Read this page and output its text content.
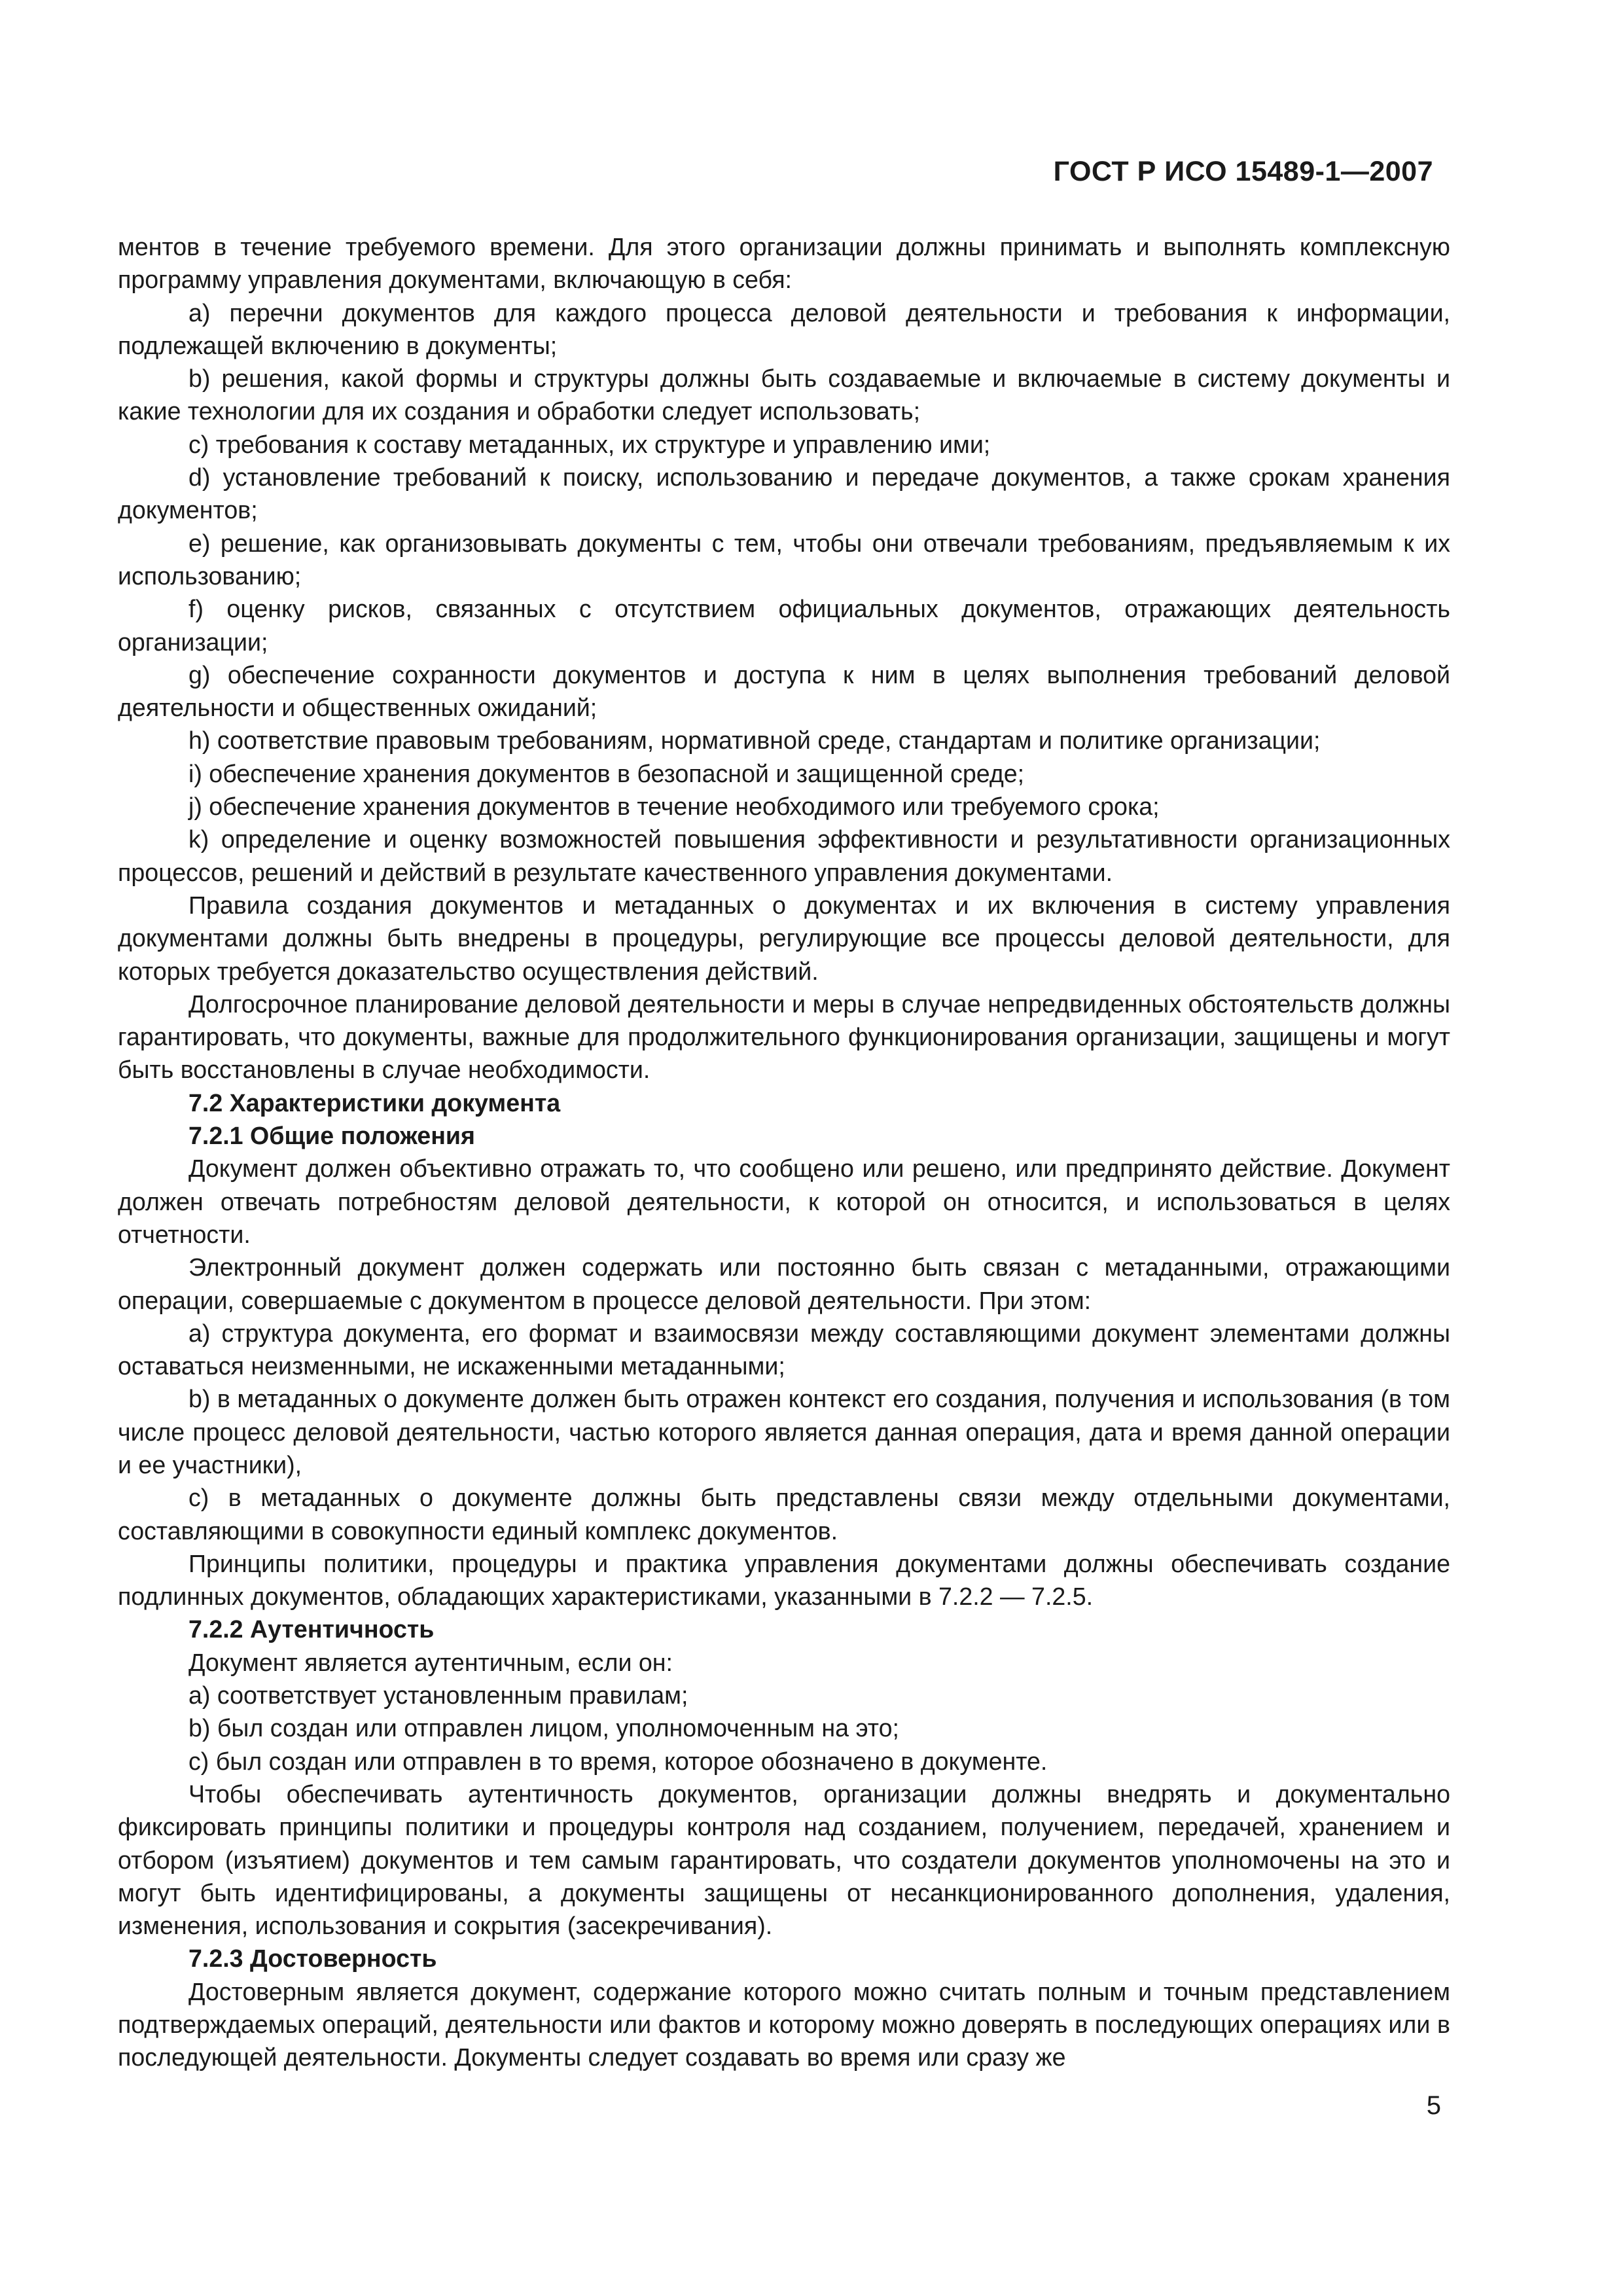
ГОСТ Р ИСО 15489-1—2007

ментов в течение требуемого времени. Для этого организации должны принимать и выполнять комплексную программу управления документами, включающую в себя:

a) перечни документов для каждого процесса деловой деятельности и требования к информации, подлежащей включению в документы;

b) решения, какой формы и структуры должны быть создаваемые и включаемые в систему документы и какие технологии для их создания и обработки следует использовать;

c) требования к составу метаданных, их структуре и управлению ими;

d) установление требований к поиску, использованию и передаче документов, а также срокам хранения документов;

e) решение, как организовывать документы с тем, чтобы они отвечали требованиям, предъявляемым к их использованию;

f) оценку рисков, связанных с отсутствием официальных документов, отражающих деятельность организации;

g) обеспечение сохранности документов и доступа к ним в целях выполнения требований деловой деятельности и общественных ожиданий;

h) соответствие правовым требованиям, нормативной среде, стандартам и политике организации;

i) обеспечение хранения документов в безопасной и защищенной среде;

j) обеспечение хранения документов в течение необходимого или требуемого срока;

k) определение и оценку возможностей повышения эффективности и результативности организационных процессов, решений и действий в результате качественного управления документами.

Правила создания документов и метаданных о документах и их включения в систему управления документами должны быть внедрены в процедуры, регулирующие все процессы деловой деятельности, для которых требуется доказательство осуществления действий.

Долгосрочное планирование деловой деятельности и меры в случае непредвиденных обстоятельств должны гарантировать, что документы, важные для продолжительного функционирования организации, защищены и могут быть восстановлены в случае необходимости.

7.2 Характеристики документа

7.2.1 Общие положения

Документ должен объективно отражать то, что сообщено или решено, или предпринято действие. Документ должен отвечать потребностям деловой деятельности, к которой он относится, и использоваться в целях отчетности.

Электронный документ должен содержать или постоянно быть связан с метаданными, отражающими операции, совершаемые с документом в процессе деловой деятельности. При этом:

a) структура документа, его формат и взаимосвязи между составляющими документ элементами должны оставаться неизменными, не искаженными метаданными;

b) в метаданных о документе должен быть отражен контекст его создания, получения и использования (в том числе процесс деловой деятельности, частью которого является данная операция, дата и время данной операции и ее участники),

c) в метаданных о документе должны быть представлены связи между отдельными документами, составляющими в совокупности единый комплекс документов.

Принципы политики, процедуры и практика управления документами должны обеспечивать создание подлинных документов, обладающих характеристиками, указанными в 7.2.2 — 7.2.5.

7.2.2 Аутентичность

Документ является аутентичным, если он:

a) соответствует установленным правилам;

b) был создан или отправлен лицом, уполномоченным на это;

c) был создан или отправлен в то время, которое обозначено в документе.

Чтобы обеспечивать аутентичность документов, организации должны внедрять и документально фиксировать принципы политики и процедуры контроля над созданием, получением, передачей, хранением и отбором (изъятием) документов и тем самым гарантировать, что создатели документов уполномочены на это и могут быть идентифицированы, а документы защищены от несанкционированного дополнения, удаления, изменения, использования и сокрытия (засекречивания).

7.2.3 Достоверность

Достоверным является документ, содержание которого можно считать полным и точным представлением подтверждаемых операций, деятельности или фактов и которому можно доверять в последующих операциях или в последующей деятельности. Документы следует создавать во время или сразу же

5
